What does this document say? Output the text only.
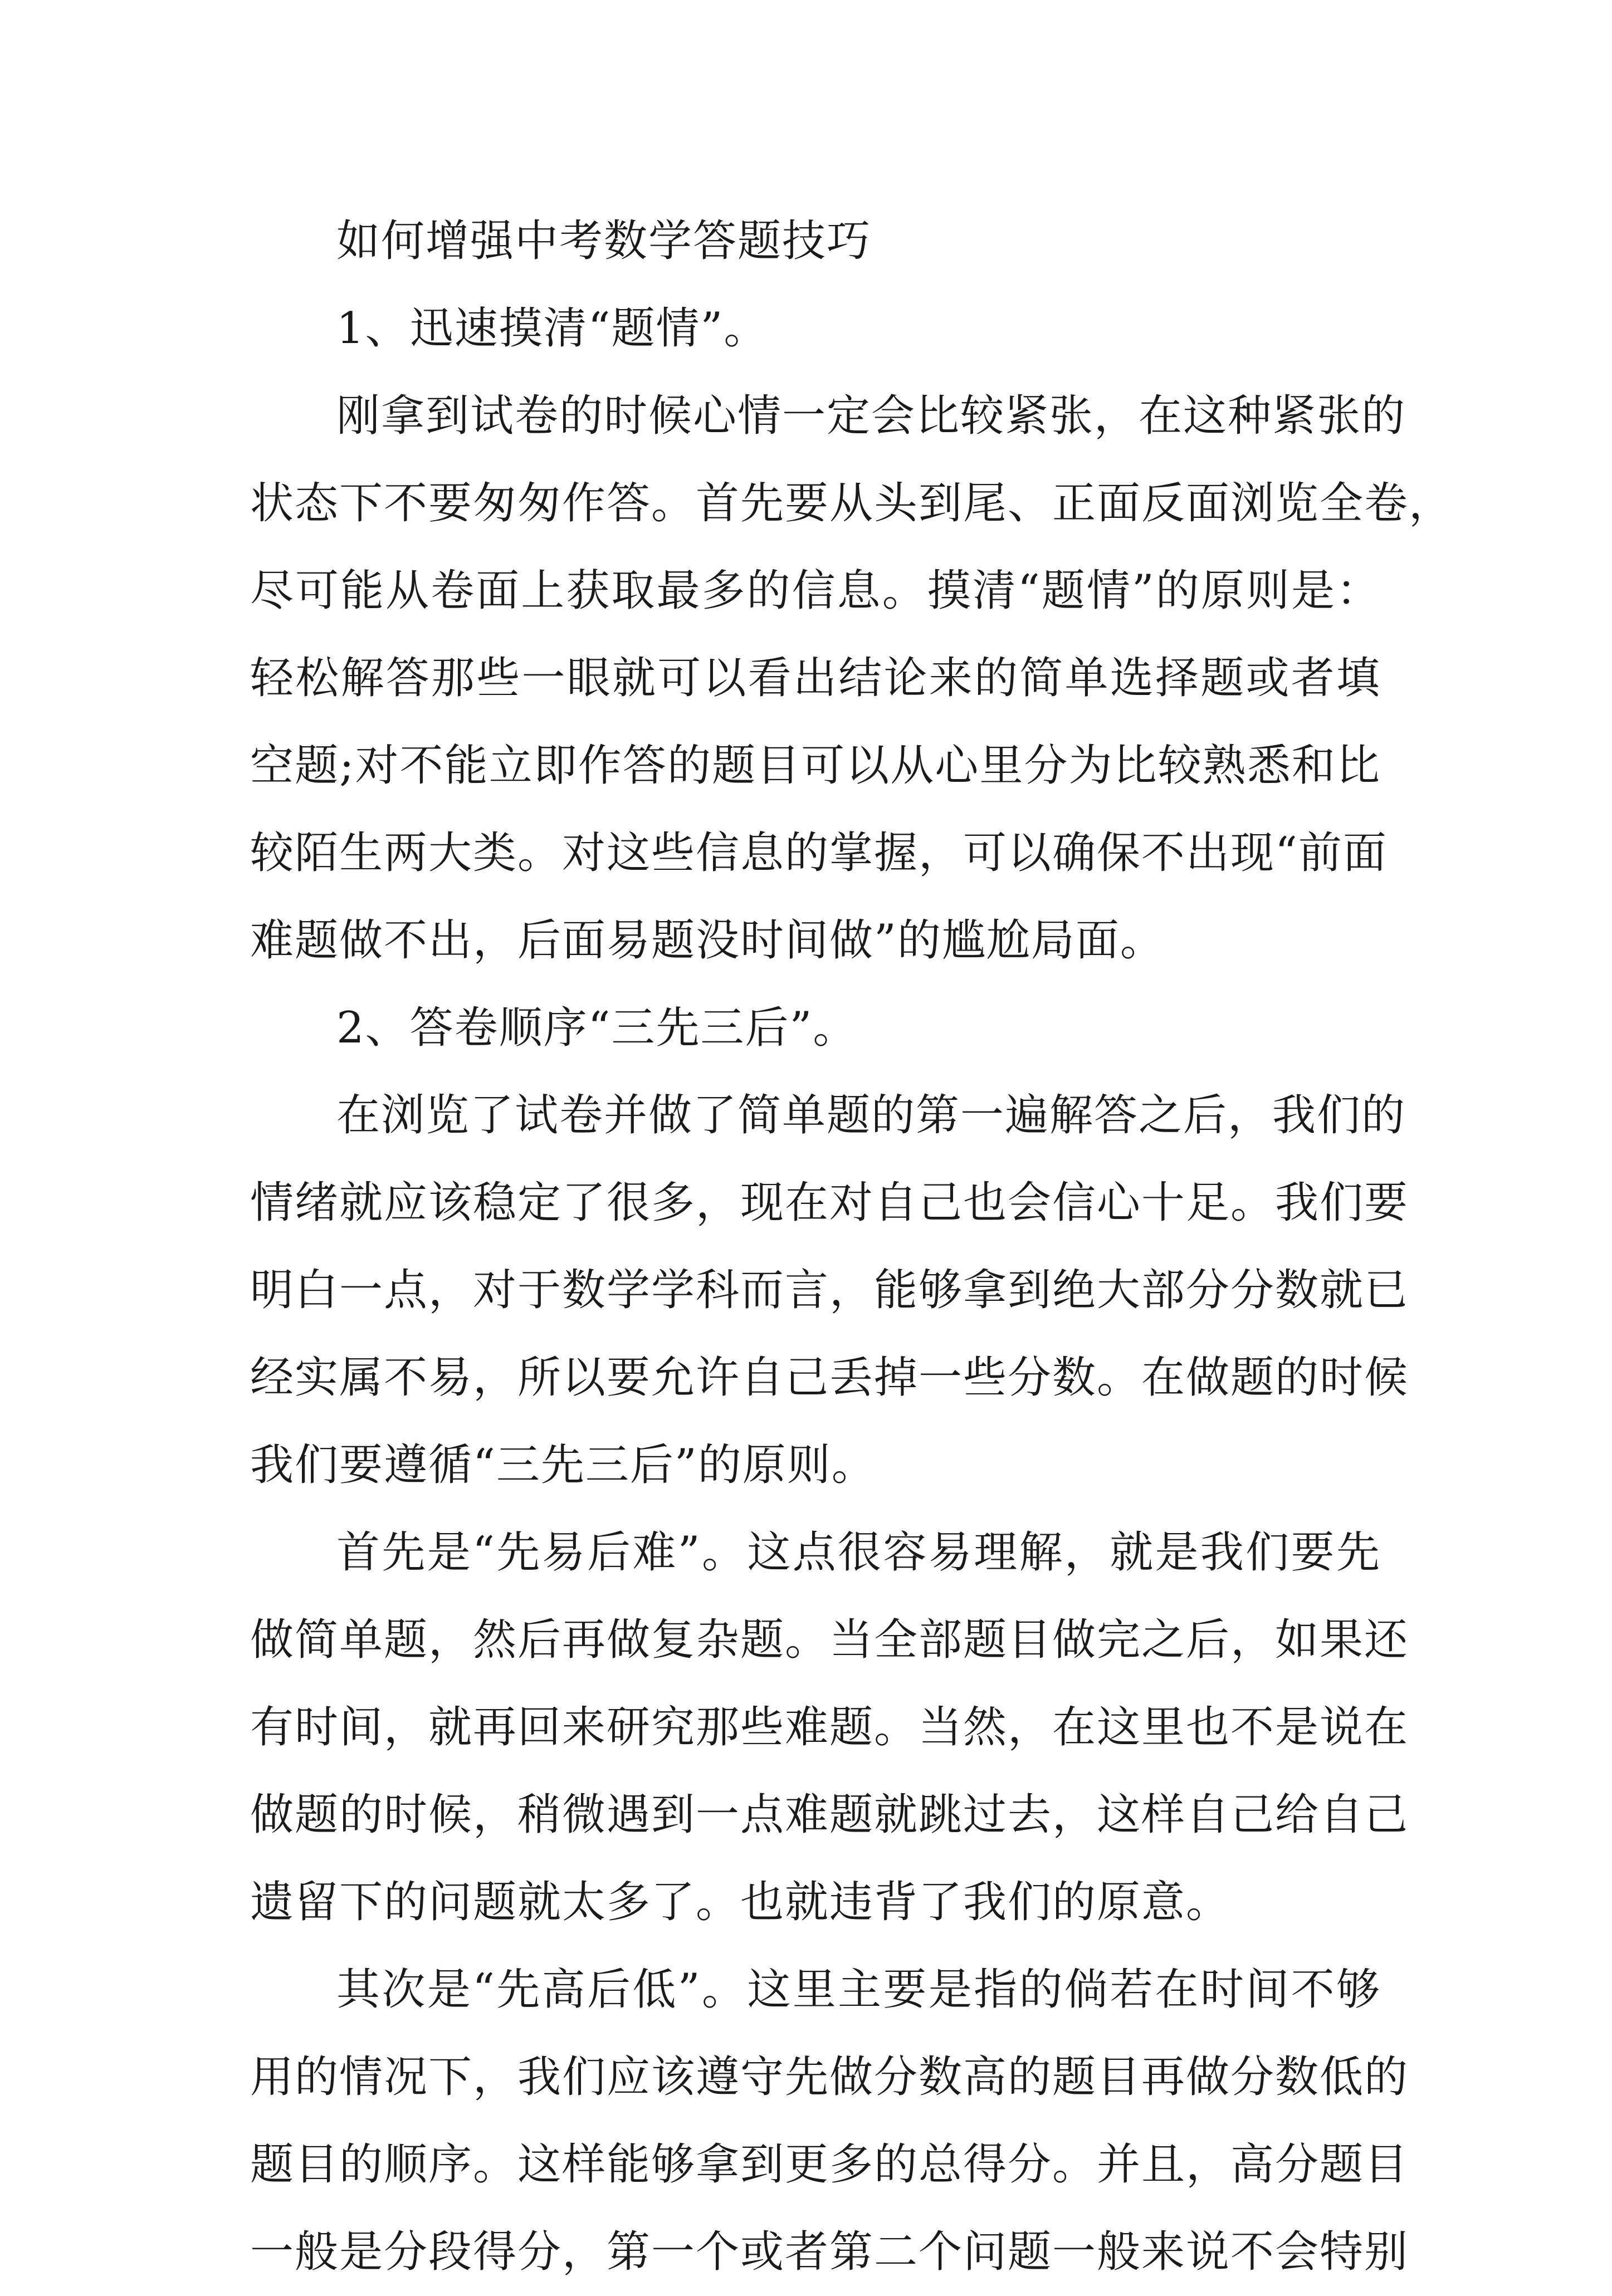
如何增强中考数学答题技巧
1、迅速摸清“题情”。
刚拿到试卷的时候心情一定会比较紧张，在这种紧张的
状态下不要匆匆作答。首先要从头到尾、正面反面浏览全卷，
尽可能从卷面上获取最多的信息。摸清“题情”的原则是：
轻松解答那些一眼就可以看出结论来的简单选择题或者填
空题;对不能立即作答的题目可以从心里分为比较熟悉和比
较陌生两大类。对这些信息的掌握，可以确保不出现“前面
难题做不出，后面易题没时间做”的尴尬局面。
2、答卷顺序“三先三后”。
在浏览了试卷并做了简单题的第一遍解答之后，我们的
情绪就应该稳定了很多，现在对自己也会信心十足。我们要
明白一点，对于数学学科而言，能够拿到绝大部分分数就已
经实属不易，所以要允许自己丢掉一些分数。在做题的时候
我们要遵循“三先三后”的原则。
首先是“先易后难”。这点很容易理解，就是我们要先
做简单题，然后再做复杂题。当全部题目做完之后，如果还
有时间，就再回来研究那些难题。当然，在这里也不是说在
做题的时候，稍微遇到一点难题就跳过去，这样自己给自己
遗留下的问题就太多了。也就违背了我们的原意。
其次是“先高后低”。这里主要是指的倘若在时间不够
用的情况下，我们应该遵守先做分数高的题目再做分数低的
题目的顺序。这样能够拿到更多的总得分。并且，高分题目
一般是分段得分，第一个或者第二个问题一般来说不会特别
